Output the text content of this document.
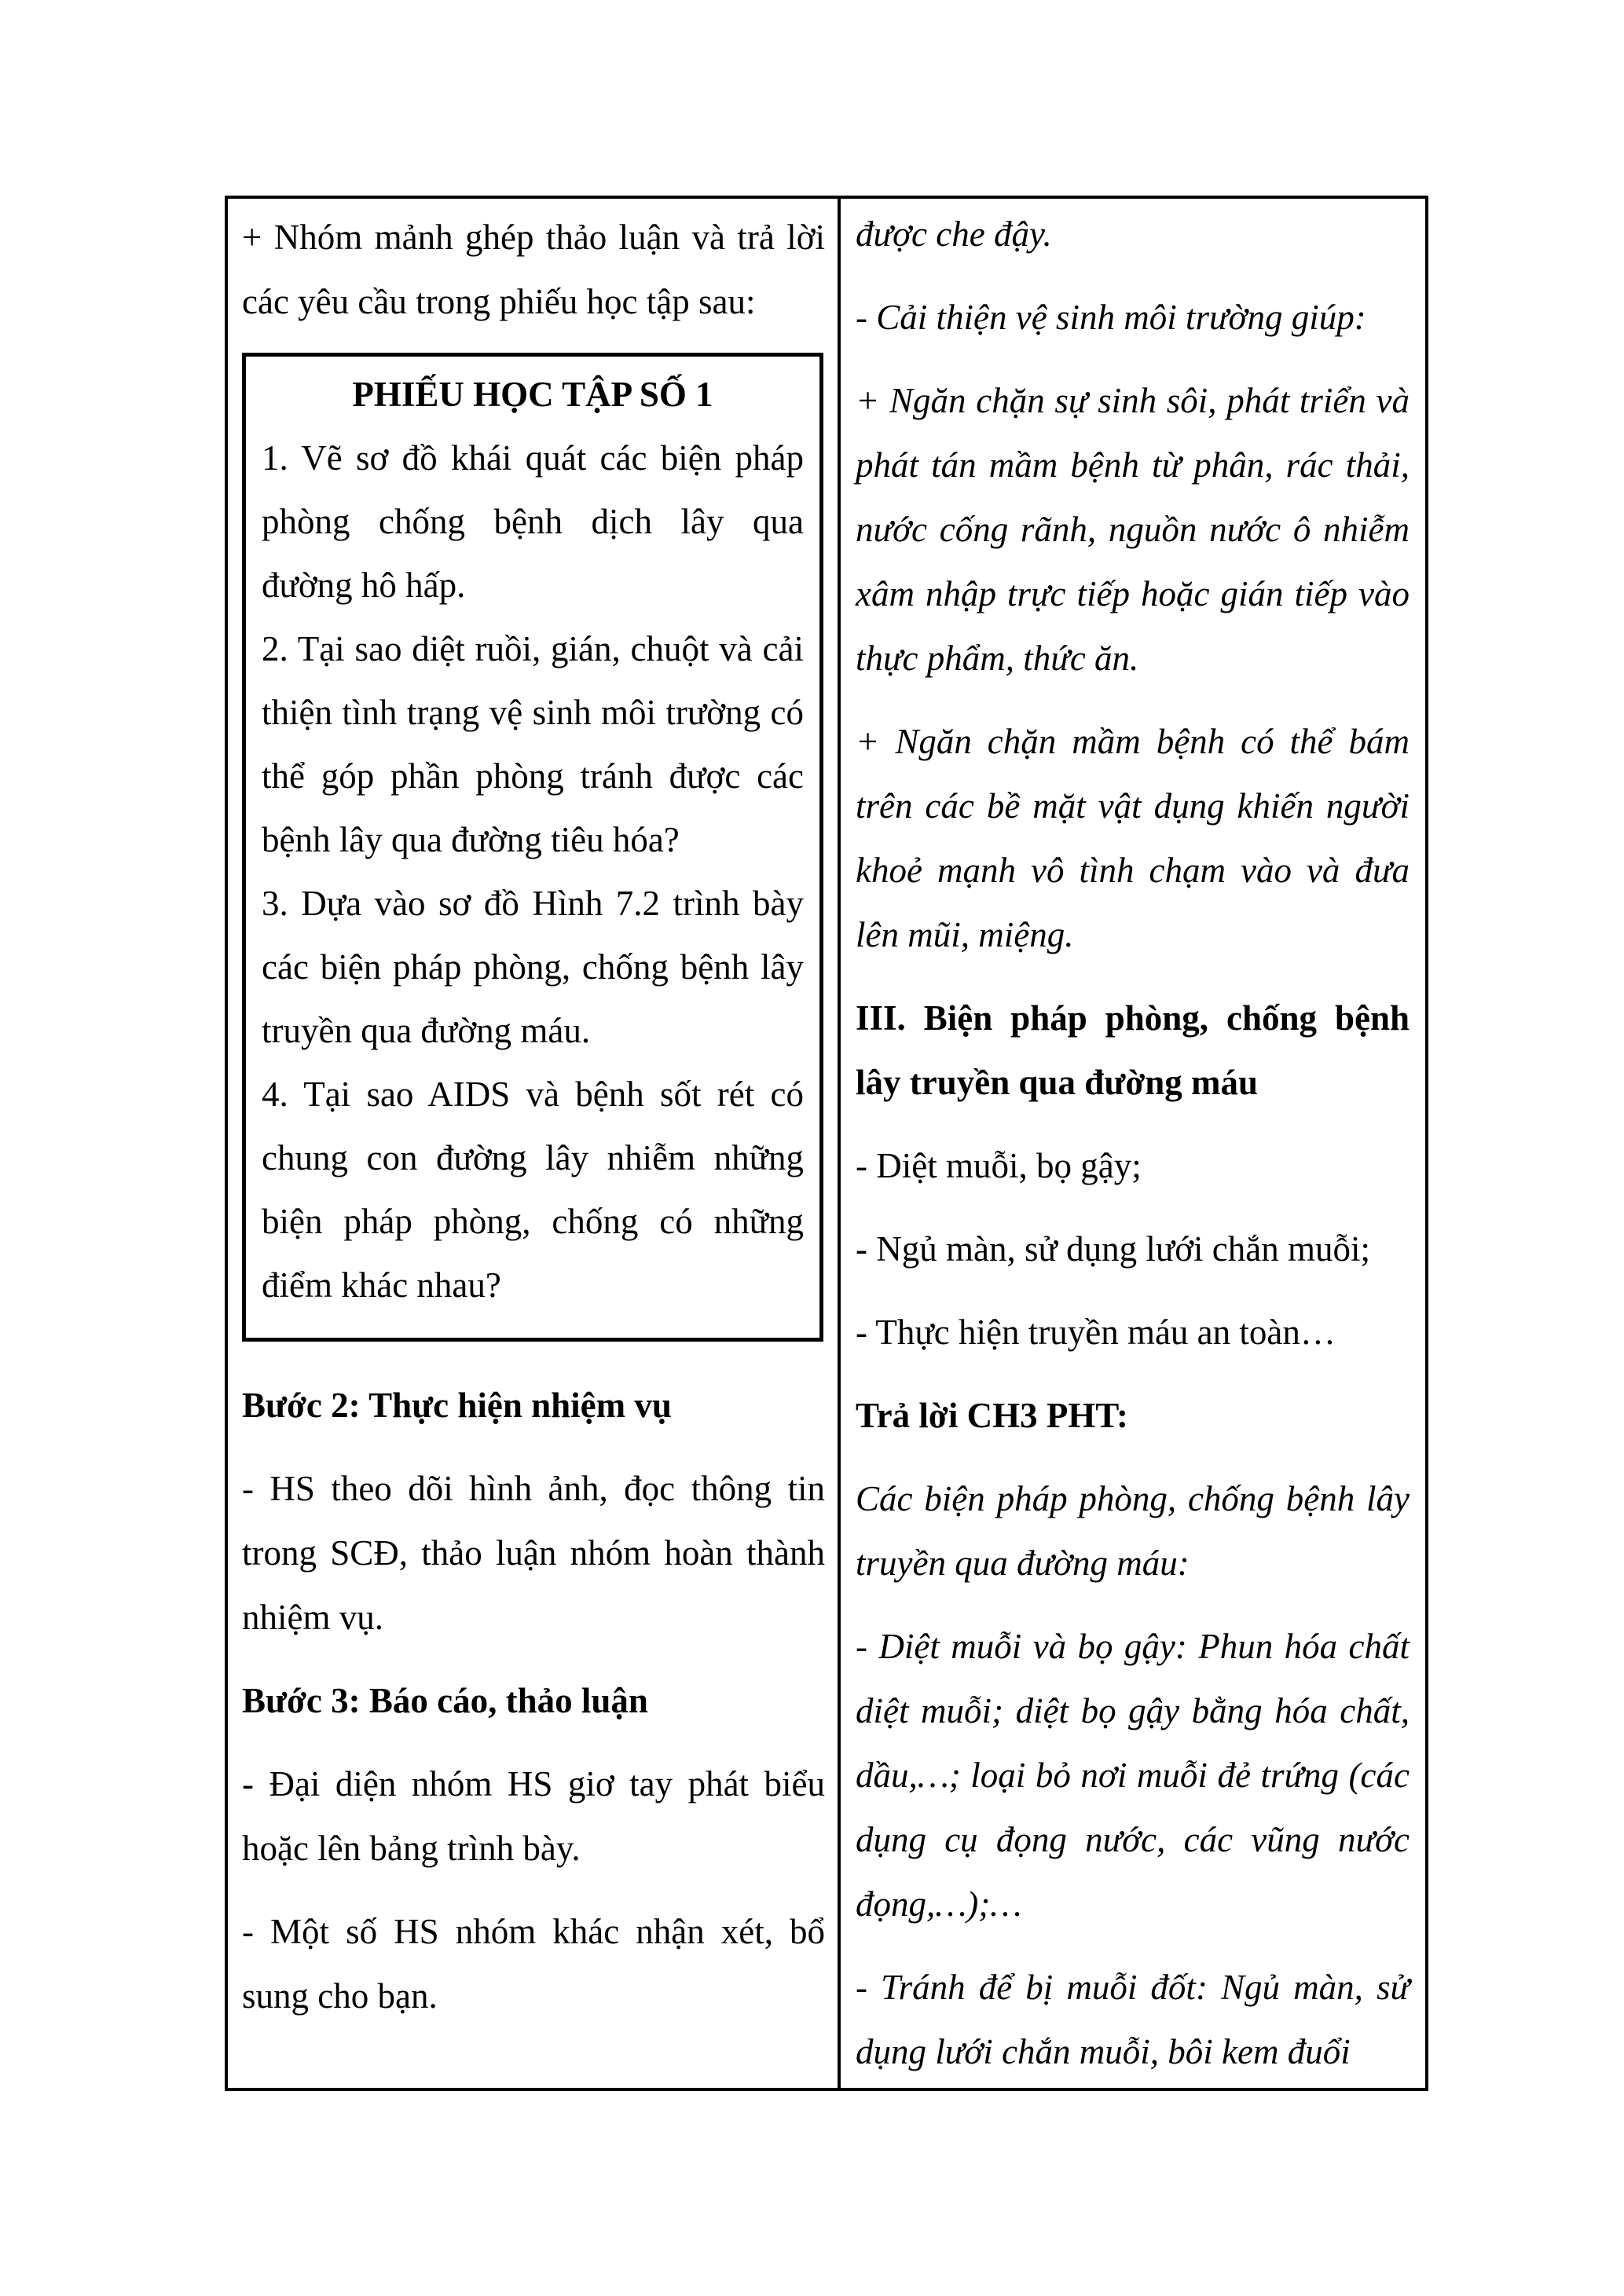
+ Nhóm mảnh ghép thảo luận và trả lời các yêu cầu trong phiếu học tập sau:

PHIẾU HỌC TẬP SỐ 1

1. Vẽ sơ đồ khái quát các biện pháp phòng chống bệnh dịch lây qua đường hô hấp.

2. Tại sao diệt ruồi, gián, chuột và cải thiện tình trạng vệ sinh môi trường có thể góp phần phòng tránh được các bệnh lây qua đường tiêu hóa?

3. Dựa vào sơ đồ Hình 7.2 trình bày các biện pháp phòng, chống bệnh lây truyền qua đường máu.

4. Tại sao AIDS và bệnh sốt rét có chung con đường lây nhiễm những biện pháp phòng, chống có những điểm khác nhau?

Bước 2: Thực hiện nhiệm vụ

- HS theo dõi hình ảnh, đọc thông tin trong SCĐ, thảo luận nhóm hoàn thành nhiệm vụ.

Bước 3: Báo cáo, thảo luận

- Đại diện nhóm HS giơ tay phát biểu hoặc lên bảng trình bày.

- Một số HS nhóm khác nhận xét, bổ sung cho bạn.

được che đậy.

- Cải thiện vệ sinh môi trường giúp:

+ Ngăn chặn sự sinh sôi, phát triển và phát tán mầm bệnh từ phân, rác thải, nước cống rãnh, nguồn nước ô nhiễm xâm nhập trực tiếp hoặc gián tiếp vào thực phẩm, thức ăn.

+ Ngăn chặn mầm bệnh có thể bám trên các bề mặt vật dụng khiến người khoẻ mạnh vô tình chạm vào và đưa lên mũi, miệng.

III. Biện pháp phòng, chống bệnh lây truyền qua đường máu

- Diệt muỗi, bọ gậy;

- Ngủ màn, sử dụng lưới chắn muỗi;

- Thực hiện truyền máu an toàn…

Trả lời CH3 PHT:

Các biện pháp phòng, chống bệnh lây truyền qua đường máu:

- Diệt muỗi và bọ gậy: Phun hóa chất diệt muỗi; diệt bọ gậy bằng hóa chất, dầu,…; loại bỏ nơi muỗi đẻ trứng (các dụng cụ đọng nước, các vũng nước đọng,…);…

- Tránh để bị muỗi đốt: Ngủ màn, sử dụng lưới chắn muỗi, bôi kem đuổi
